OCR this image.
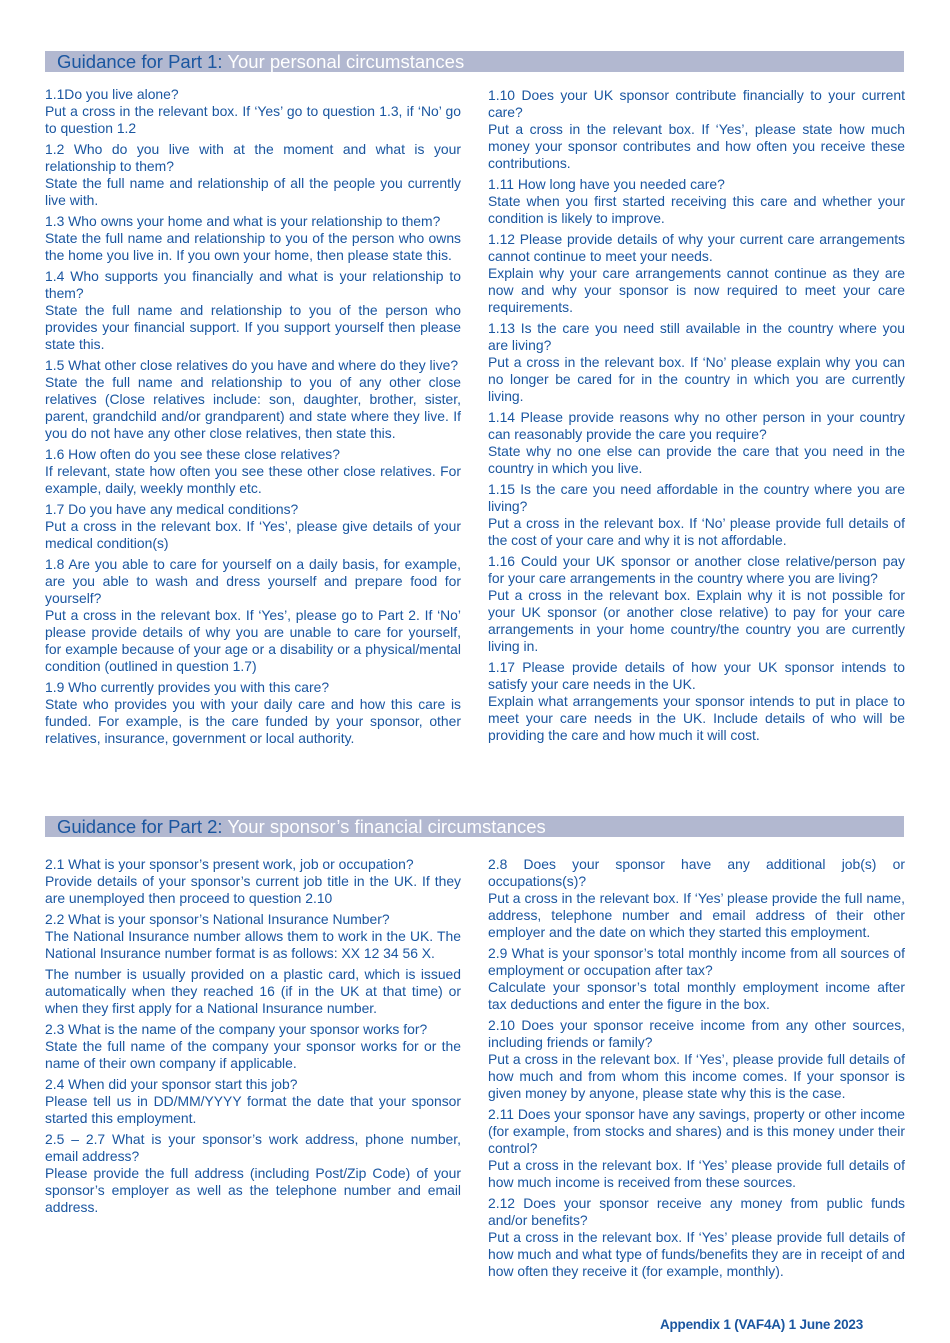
Guidance for Part 1: Your personal circumstances

1.1Do you live alone?

Put a cross in the relevant box. If ‘Yes’ go to question 1.3, if ‘No’ go to question 1.2

1.2 Who do you live with at the moment and what is your relationship to them?

State the full name and relationship of all the people you currently live with.

1.3 Who owns your home and what is your relationship to them?

State the full name and relationship to you of the person who owns the home you live in. If you own your home, then please state this.

1.4 Who supports you financially and what is your relationship to them?

State the full name and relationship to you of the person who provides your financial support. If you support yourself then please state this.

1.5 What other close relatives do you have and where do they live?

State the full name and relationship to you of any other close relatives (Close relatives include: son, daughter, brother, sister, parent, grandchild and/or grandparent) and state where they live. If you do not have any other close relatives, then state this.

1.6 How often do you see these close relatives?

If relevant, state how often you see these other close relatives. For example, daily, weekly monthly etc.

1.7 Do you have any medical conditions?

Put a cross in the relevant box. If ‘Yes’, please give details of your medical condition(s)

1.8 Are you able to care for yourself on a daily basis, for example, are you able to wash and dress yourself and prepare food for yourself?

Put a cross in the relevant box. If ‘Yes’, please go to Part 2. If ‘No’ please provide details of why you are unable to care for yourself, for example because of your age or a disability or a physical/mental condition (outlined in question 1.7)

1.9 Who currently provides you with this care?

State who provides you with your daily care and how this care is funded. For example, is the care funded by your sponsor, other relatives, insurance, government or local authority.

1.10 Does your UK sponsor contribute financially to your current care?

Put a cross in the relevant box. If ‘Yes’, please state how much money your sponsor contributes and how often you receive these contributions.

1.11 How long have you needed care?

State when you first started receiving this care and whether your condition is likely to improve.

1.12 Please provide details of why your current care arrangements cannot continue to meet your needs.

Explain why your care arrangements cannot continue as they are now and why your sponsor is now required to meet your care requirements.

1.13 Is the care you need still available in the country where you are living?

Put a cross in the relevant box. If ‘No’ please explain why you can no longer be cared for in the country in which you are currently living.

1.14 Please provide reasons why no other person in your country can reasonably provide the care you require?

State why no one else can provide the care that you need in the country in which you live.

1.15 Is the care you need affordable in the country where you are living?

Put a cross in the relevant box. If ‘No’ please provide full details of the cost of your care and why it is not affordable.

1.16 Could your UK sponsor or another close relative/person pay for your care arrangements in the country where you are living?

Put a cross in the relevant box. Explain why it is not possible for your UK sponsor (or another close relative) to pay for your care arrangements in your home country/the country you are currently living in.

1.17 Please provide details of how your UK sponsor intends to satisfy your care needs in the UK.

Explain what arrangements your sponsor intends to put in place to meet your care needs in the UK. Include details of who will be providing the care and how much it will cost.

Guidance for Part 2: Your sponsor’s financial circumstances

2.1 What is your sponsor’s present work, job or occupation?

Provide details of your sponsor’s current job title in the UK. If they are unemployed then proceed to question 2.10

2.2 What is your sponsor’s National Insurance Number?

The National Insurance number allows them to work in the UK. The National Insurance number format is as follows: XX 12 34 56 X.

The number is usually provided on a plastic card, which is issued automatically when they reached 16 (if in the UK at that time) or when they first apply for a National Insurance number.

2.3 What is the name of the company your sponsor works for?

State the full name of the company your sponsor works for or the name of their own company if applicable.

2.4 When did your sponsor start this job?

Please tell us in DD/MM/YYYY format the date that your sponsor started this employment.

2.5 – 2.7 What is your sponsor’s work address, phone number, email address?

Please provide the full address (including Post/Zip Code) of your sponsor’s employer as well as the telephone number and email address.

2.8 Does your sponsor have any additional job(s) or occupations(s)?

Put a cross in the relevant box. If ‘Yes’ please provide the full name, address, telephone number and email address of their other employer and the date on which they started this employment.

2.9 What is your sponsor’s total monthly income from all sources of employment or occupation after tax?

Calculate your sponsor’s total monthly employment income after tax deductions and enter the figure in the box.

2.10 Does your sponsor receive income from any other sources, including friends or family?

Put a cross in the relevant box. If ‘Yes’, please provide full details of how much and from whom this income comes. If your sponsor is given money by anyone, please state why this is the case.

2.11 Does your sponsor have any savings, property or other income (for example, from stocks and shares) and is this money under their control?

Put a cross in the relevant box. If ‘Yes’ please provide full details of how much income is received from these sources.

2.12 Does your sponsor receive any money from public funds and/or benefits?

Put a cross in the relevant box. If ‘Yes’ please provide full details of how much and what type of funds/benefits they are in receipt of and how often they receive it (for example, monthly).

Appendix 1 (VAF4A) 1 June 2023
